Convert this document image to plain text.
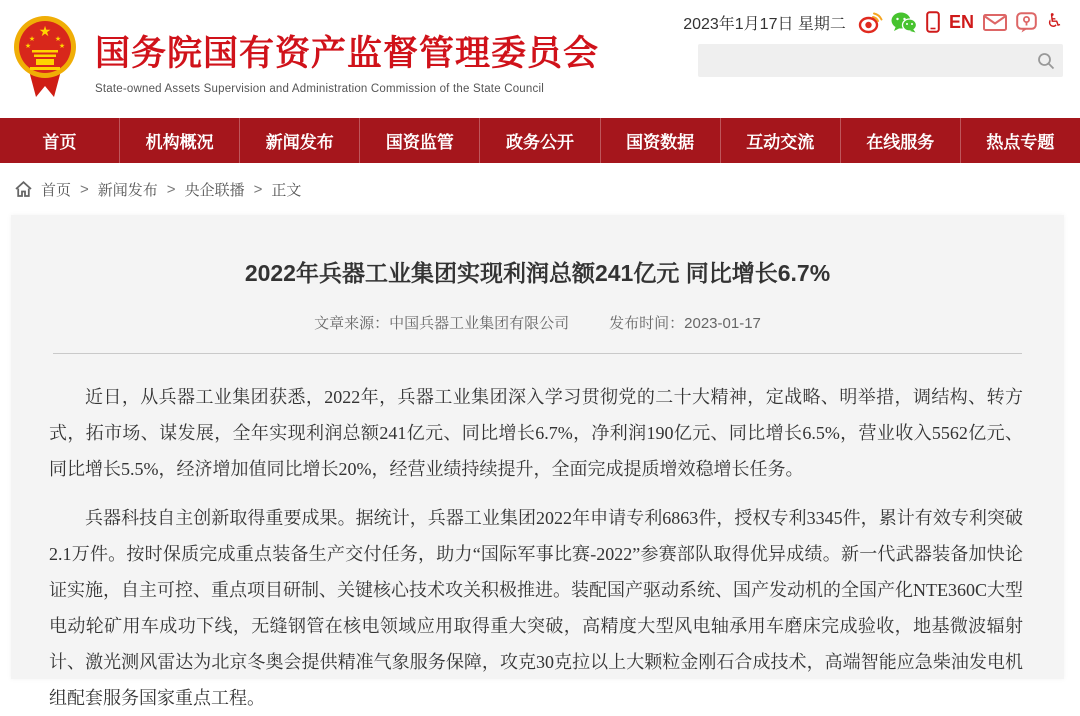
★
★	★
★	★ 国务院国有资产监督管理委员会
State-owned Assets Supervision and Administration Commission of the State Council
2023年1月17日 星期二	EN	♿
首页	机构概况	新闻发布	国资监管	政务公开	国资数据	互动交流	在线服务	热点专题
首页 > 新闻发布 > 央企联播 > 正文
2022年兵器工业集团实现利润总额241亿元 同比增长6.7%
文章来源：中国兵器工业集团有限公司	发布时间：2023-01-17

近日，从兵器工业集团获悉，2022年，兵器工业集团深入学习贯彻党的二十大精神，定战略、明举措，调结构、转方式，拓市场、谋发展，全年实现利润总额241亿元、同比增长6.7%，净利润190亿元、同比增长6.5%，营业收入5562亿元、同比增长5.5%，经济增加值同比增长20%，经营业绩持续提升，全面完成提质增效稳增长任务。

兵器科技自主创新取得重要成果。据统计，兵器工业集团2022年申请专利6863件，授权专利3345件，累计有效专利突破2.1万件。按时保质完成重点装备生产交付任务，助力“国际军事比赛-2022”参赛部队取得优异成绩。新一代武器装备加快论证实施，自主可控、重点项目研制、关键核心技术攻关积极推进。装配国产驱动系统、国产发动机的全国产化NTE360C大型电动轮矿用车成功下线，无缝钢管在核电领域应用取得重大突破，高精度大型风电轴承用车磨床完成验收，地基微波辐射计、激光测风雷达为北京冬奥会提供精准气象服务保障，攻克30克拉以上大颗粒金刚石合成技术，高端智能应急柴油发电机组配套服务国家重点工程。
